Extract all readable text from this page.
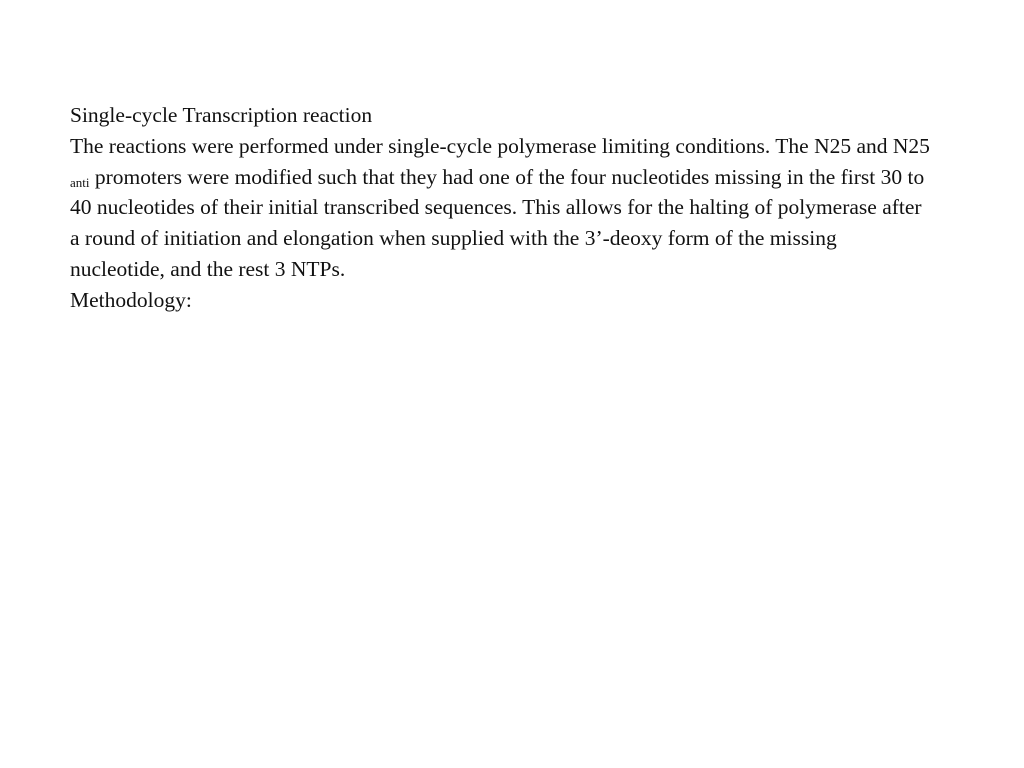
Single-cycle Transcription reaction

The reactions were performed under single-cycle polymerase limiting conditions. The N25 and N25 $_{anti}$ promoters were modified such that they had one of the four nucleotides missing in the first 30 to 40 nucleotides of their initial transcribed sequences. This allows for the halting of polymerase after a round of initiation and elongation when supplied with the 3’-deoxy form of the missing nucleotide, and the rest 3 NTPs.

Methodology:
